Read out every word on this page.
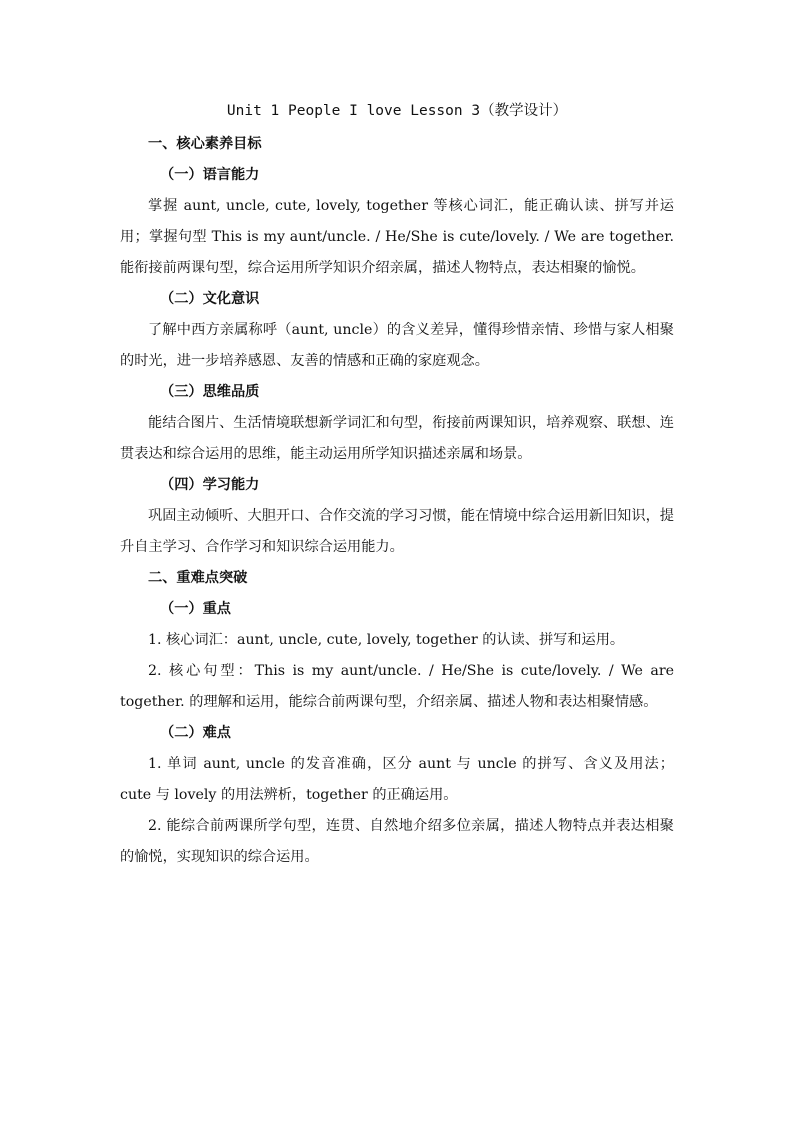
Unit 1 People I love Lesson 3（教学设计）
一、核心素养目标
（一）语言能力
掌握 aunt, uncle, cute, lovely, together 等核心词汇，能正确认读、拼写并运用；掌握句型 This is my aunt/uncle. / He/She is cute/lovely. / We are together. 能衔接前两课句型，综合运用所学知识介绍亲属，描述人物特点，表达相聚的愉悦。
（二）文化意识
了解中西方亲属称呼（aunt, uncle）的含义差异，懂得珍惜亲情、珍惜与家人相聚的时光，进一步培养感恩、友善的情感和正确的家庭观念。
（三）思维品质
能结合图片、生活情境联想新学词汇和句型，衔接前两课知识，培养观察、联想、连贯表达和综合运用的思维，能主动运用所学知识描述亲属和场景。
（四）学习能力
巩固主动倾听、大胆开口、合作交流的学习习惯，能在情境中综合运用新旧知识，提升自主学习、合作学习和知识综合运用能力。
二、重难点突破
（一）重点
1. 核心词汇：aunt, uncle, cute, lovely, together 的认读、拼写和运用。
2. 核心句型：This is my aunt/uncle. / He/She is cute/lovely. / We are together. 的理解和运用，能综合前两课句型，介绍亲属、描述人物和表达相聚情感。
（二）难点
1. 单词 aunt, uncle 的发音准确，区分 aunt 与 uncle 的拼写、含义及用法；cute 与 lovely 的用法辨析，together 的正确运用。
2. 能综合前两课所学句型，连贯、自然地介绍多位亲属，描述人物特点并表达相聚的愉悦，实现知识的综合运用。
